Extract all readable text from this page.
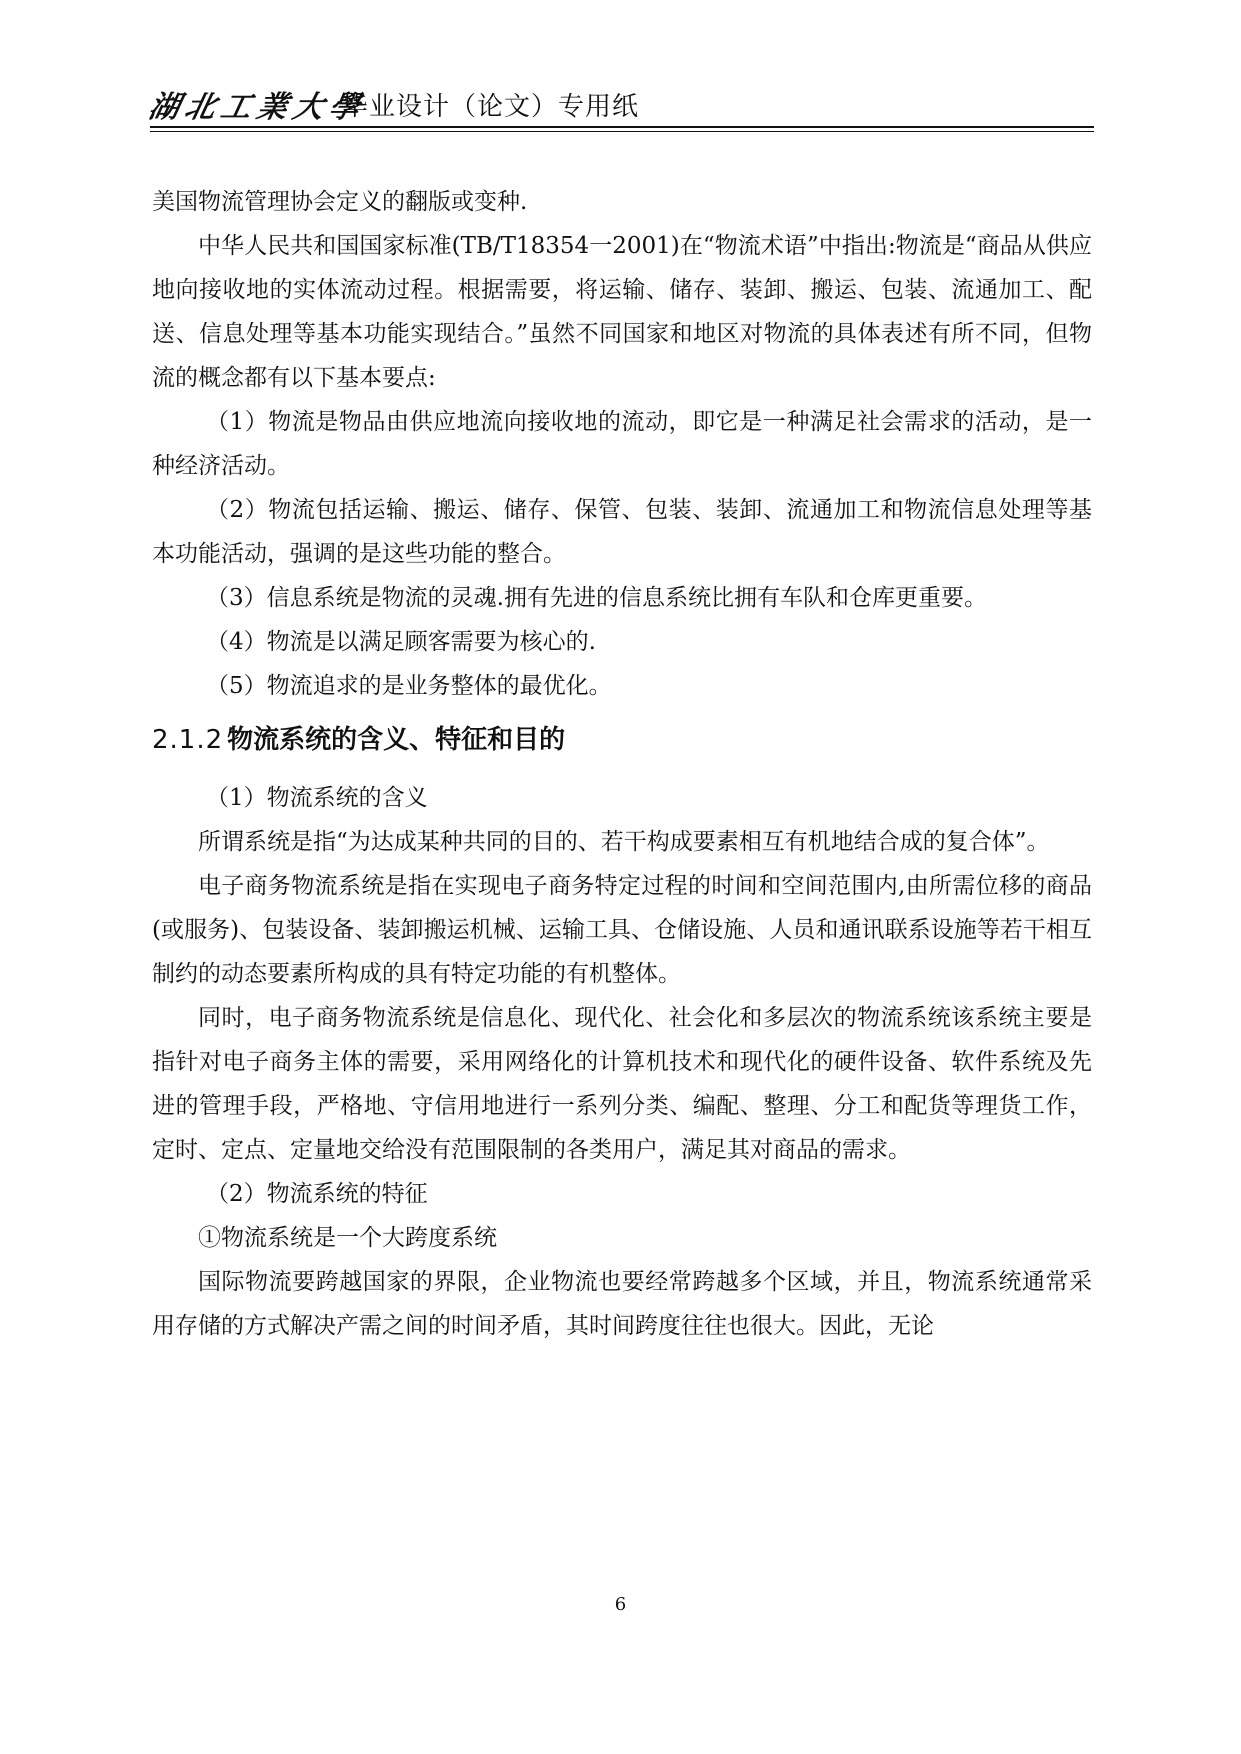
湖北工業大學
毕业设计（论文）专用纸

美国物流管理协会定义的翻版或变种.

中华人民共和国国家标准(TB/T18354一2001)在“物流术语”中指出:物流是“商品从供应地向接收地的实体流动过程。根据需要，将运输、储存、装卸、搬运、包装、流通加工、配送、信息处理等基本功能实现结合。”虽然不同国家和地区对物流的具体表述有所不同，但物流的概念都有以下基本要点:

（1）物流是物品由供应地流向接收地的流动，即它是一种满足社会需求的活动，是一种经济活动。

（2）物流包括运输、搬运、储存、保管、包装、装卸、流通加工和物流信息处理等基本功能活动，强调的是这些功能的整合。

（3）信息系统是物流的灵魂.拥有先进的信息系统比拥有车队和仓库更重要。

（4）物流是以满足顾客需要为核心的.

（5）物流追求的是业务整体的最优化。

2.1.2 物流系统的含义、特征和目的

（1）物流系统的含义

所谓系统是指“为达成某种共同的目的、若干构成要素相互有机地结合成的复合体”。

电子商务物流系统是指在实现电子商务特定过程的时间和空间范围内,由所需位移的商品(或服务)、包装设备、装卸搬运机械、运输工具、仓储设施、人员和通讯联系设施等若干相互制约的动态要素所构成的具有特定功能的有机整体。

同时，电子商务物流系统是信息化、现代化、社会化和多层次的物流系统该系统主要是指针对电子商务主体的需要，采用网络化的计算机技术和现代化的硬件设备、软件系统及先进的管理手段，严格地、守信用地进行一系列分类、编配、整理、分工和配货等理货工作，定时、定点、定量地交给没有范围限制的各类用户，满足其对商品的需求。

（2）物流系统的特征

①物流系统是一个大跨度系统

国际物流要跨越国家的界限，企业物流也要经常跨越多个区域，并且，物流系统通常采用存储的方式解决产需之间的时间矛盾，其时间跨度往往也很大。因此，无论

6
